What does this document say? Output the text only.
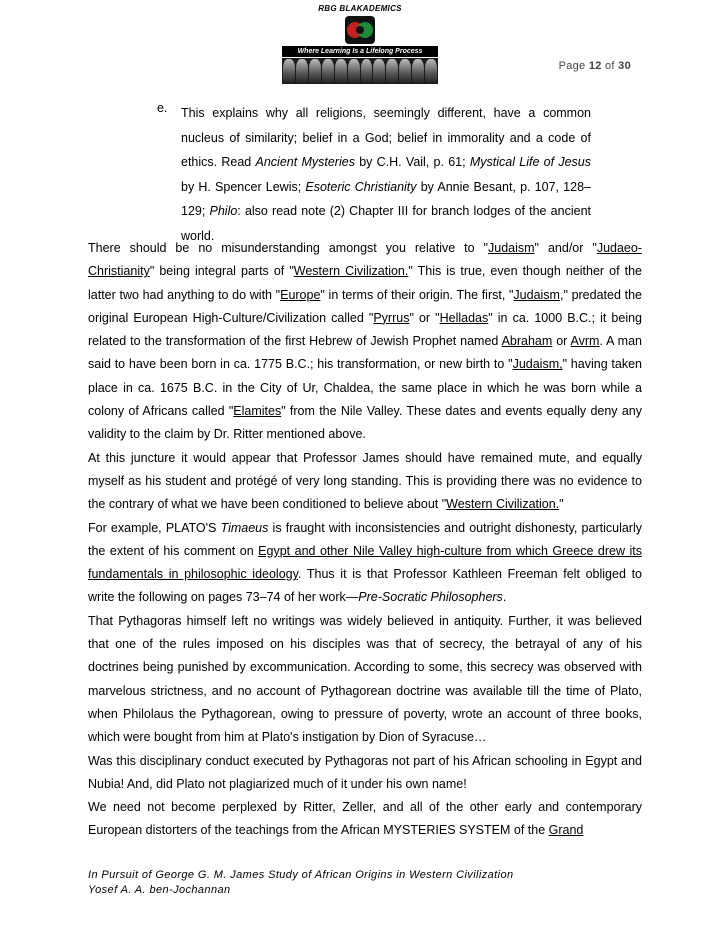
RBG BLAKADEMICS
Where Learning Is a Lifelong Process
Page 12 of 30
e. This explains why all religions, seemingly different, have a common nucleus of similarity; belief in a God; belief in immorality and a code of ethics. Read Ancient Mysteries by C.H. Vail, p. 61; Mystical Life of Jesus by H. Spencer Lewis; Esoteric Christianity by Annie Besant, p. 107, 128–129; Philo: also read note (2) Chapter III for branch lodges of the ancient world.

There should be no misunderstanding amongst you relative to "Judaism" and/or "Judaeo-Christianity" being integral parts of "Western Civilization." This is true, even though neither of the latter two had anything to do with "Europe" in terms of their origin. The first, "Judaism," predated the original European High-Culture/Civilization called "Pyrrus" or "Helladas" in ca. 1000 B.C.; it being related to the transformation of the first Hebrew of Jewish Prophet named Abraham or Avrm. A man said to have been born in ca. 1775 B.C.; his transformation, or new birth to "Judaism," having taken place in ca. 1675 B.C. in the City of Ur, Chaldea, the same place in which he was born while a colony of Africans called "Elamites" from the Nile Valley. These dates and events equally deny any validity to the claim by Dr. Ritter mentioned above.

At this juncture it would appear that Professor James should have remained mute, and equally myself as his student and protégé of very long standing. This is providing there was no evidence to the contrary of what we have been conditioned to believe about "Western Civilization."

For example, PLATO'S Timaeus is fraught with inconsistencies and outright dishonesty, particularly the extent of his comment on Egypt and other Nile Valley high-culture from which Greece drew its fundamentals in philosophic ideology. Thus it is that Professor Kathleen Freeman felt obliged to write the following on pages 73–74 of her work—Pre-Socratic Philosophers.

That Pythagoras himself left no writings was widely believed in antiquity. Further, it was believed that one of the rules imposed on his disciples was that of secrecy, the betrayal of any of his doctrines being punished by excommunication. According to some, this secrecy was observed with marvelous strictness, and no account of Pythagorean doctrine was available till the time of Plato, when Philolaus the Pythagorean, owing to pressure of poverty, wrote an account of three books, which were bought from him at Plato's instigation by Dion of Syracuse…

Was this disciplinary conduct executed by Pythagoras not part of his African schooling in Egypt and Nubia! And, did Plato not plagiarized much of it under his own name!

We need not become perplexed by Ritter, Zeller, and all of the other early and contemporary European distorters of the teachings from the African MYSTERIES SYSTEM of the Grand

In Pursuit of George G. M. James Study of African Origins in Western Civilization
Yosef A. A. ben-Jochannan
